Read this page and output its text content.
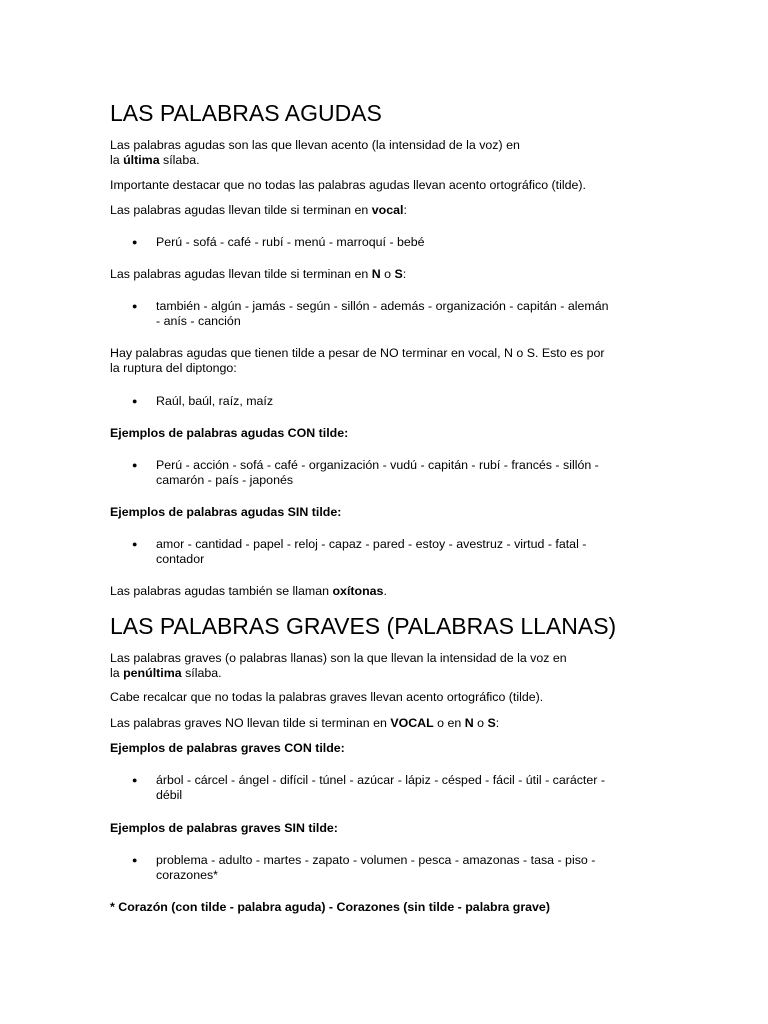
LAS PALABRAS AGUDAS

Las palabras agudas son las que llevan acento (la intensidad de la voz) en
la última sílaba.

Importante destacar que no todas las palabras agudas llevan acento ortográfico (tilde).

Las palabras agudas llevan tilde si terminan en vocal:

●	Perú - sofá - café - rubí - menú - marroquí - bebé

Las palabras agudas llevan tilde si terminan en N o S:

●	también - algún - jamás - según - sillón - además - organización - capitán - alemán
- anís - canción

Hay palabras agudas que tienen tilde a pesar de NO terminar en vocal, N o S. Esto es por
la ruptura del diptongo:

●	Raúl, baúl, raíz, maíz

Ejemplos de palabras agudas CON tilde:

●	Perú - acción - sofá - café - organización - vudú - capitán - rubí - francés - sillón -
camarón - país - japonés

Ejemplos de palabras agudas SIN tilde:

●	amor - cantidad - papel - reloj - capaz - pared - estoy - avestruz - virtud - fatal -
contador

Las palabras agudas también se llaman oxítonas.

LAS PALABRAS GRAVES (PALABRAS LLANAS)

Las palabras graves (o palabras llanas) son la que llevan la intensidad de la voz en
la penúltima sílaba.

Cabe recalcar que no todas la palabras graves llevan acento ortográfico (tilde).

Las palabras graves NO llevan tilde si terminan en VOCAL o en N o S:

Ejemplos de palabras graves CON tilde:

●	árbol - cárcel - ángel - difícil - túnel - azúcar - lápiz - césped - fácil - útil - carácter -
débil

Ejemplos de palabras graves SIN tilde:

●	problema - adulto - martes - zapato - volumen - pesca - amazonas - tasa - piso -
corazones*

* Corazón (con tilde - palabra aguda) - Corazones (sin tilde - palabra grave)
